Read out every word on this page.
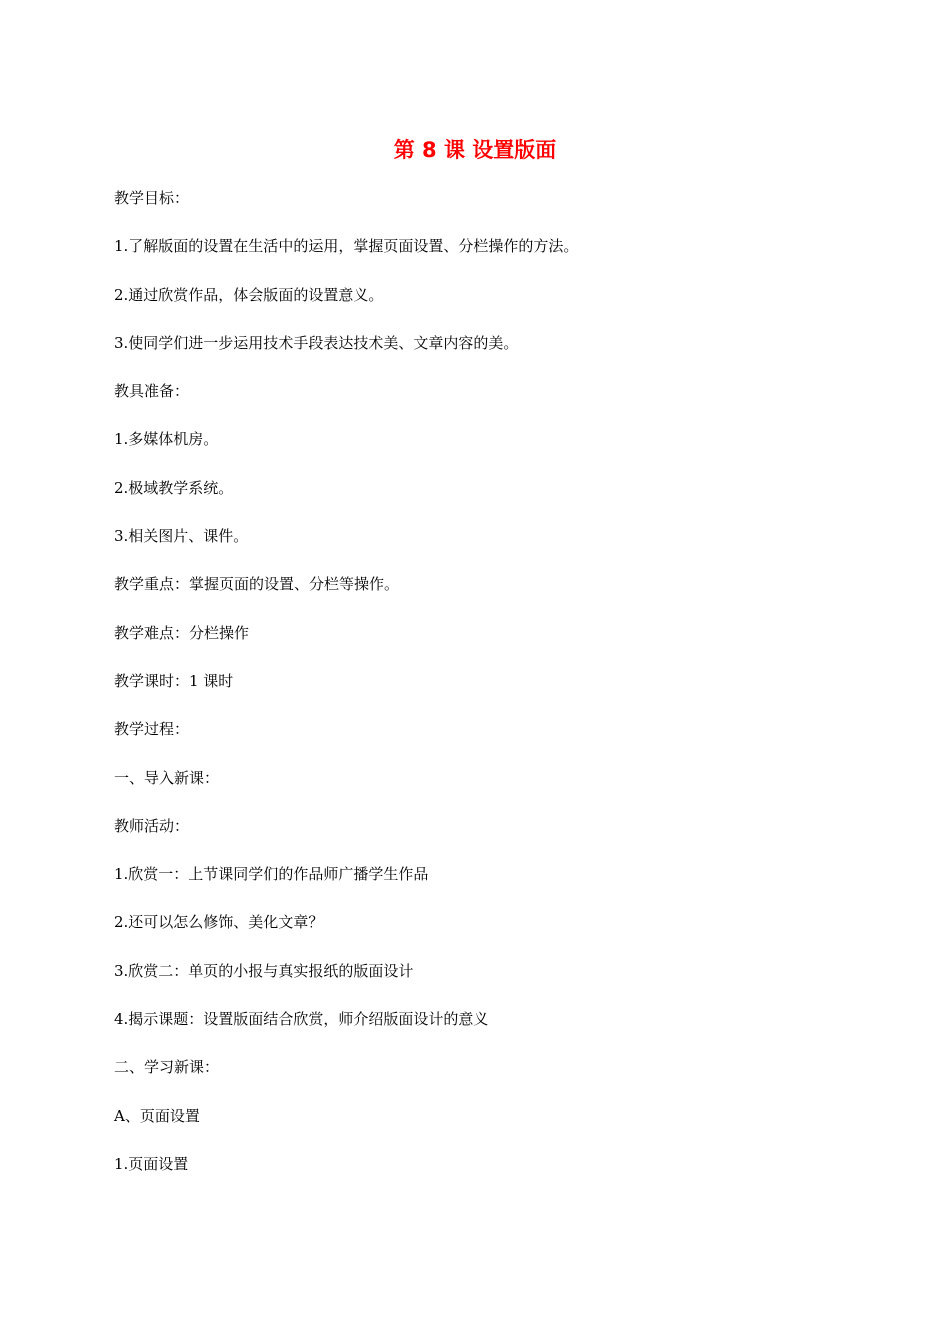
第 8 课 设置版面
教学目标：
1.了解版面的设置在生活中的运用，掌握页面设置、分栏操作的方法。
2.通过欣赏作品，体会版面的设置意义。
3.使同学们进一步运用技术手段表达技术美、文章内容的美。
教具准备：
1.多媒体机房。
2.极域教学系统。
3.相关图片、课件。
教学重点：掌握页面的设置、分栏等操作。
教学难点：分栏操作
教学课时：1 课时
教学过程：
一、导入新课：
教师活动：
1.欣赏一：上节课同学们的作品师广播学生作品
2.还可以怎么修饰、美化文章？
3.欣赏二：单页的小报与真实报纸的版面设计
4.揭示课题：设置版面结合欣赏，师介绍版面设计的意义
二、学习新课：
A、页面设置
1.页面设置
